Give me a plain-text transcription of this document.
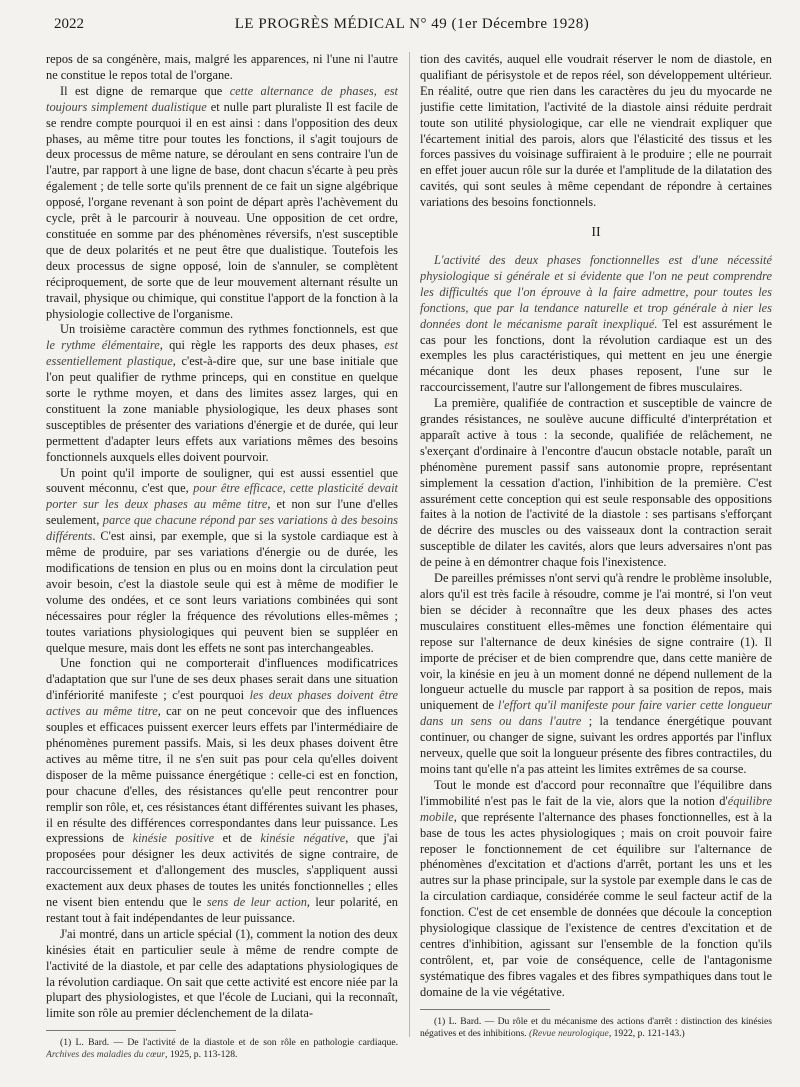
2022	LE PROGRÈS MÉDICAL N° 49 (1er Décembre 1928)

repos de sa congénère, mais, malgré les apparences, ni l'une ni l'autre ne constitue le repos total de l'organe.

Il est digne de remarque que cette alternance de phases, est toujours simplement dualistique et nulle part pluraliste Il est facile de se rendre compte pourquoi il en est ainsi : dans l'opposition des deux phases, au même titre pour toutes les fonctions, il s'agit toujours de deux processus de même nature, se déroulant en sens contraire l'un de l'autre, par rapport à une ligne de base, dont chacun s'écarte à peu près également ; de telle sorte qu'ils prennent de ce fait un signe algébrique opposé, l'organe revenant à son point de départ après l'achèvement du cycle, prêt à le parcourir à nouveau. Une opposition de cet ordre, constituée en somme par des phénomènes réversifs, n'est susceptible que de deux polarités et ne peut être que dualistique. Toutefois les deux processus de signe opposé, loin de s'annuler, se complètent réciproquement, de sorte que de leur mouvement alternant résulte un travail, physique ou chimique, qui constitue l'apport de la fonction à la physiologie collective de l'organisme.

Un troisième caractère commun des rythmes fonctionnels, est que le rythme élémentaire, qui règle les rapports des deux phases, est essentiellement plastique, c'est-à-dire que, sur une base initiale que l'on peut qualifier de rythme princeps, qui en constitue en quelque sorte le rythme moyen, et dans des limites assez larges, qui en constituent la zone maniable physiologique, les deux phases sont susceptibles de présenter des variations d'énergie et de durée, qui leur permettent d'adapter leurs effets aux variations mêmes des besoins fonctionnels auxquels elles doivent pourvoir.

Un point qu'il importe de souligner, qui est aussi essentiel que souvent méconnu, c'est que, pour être efficace, cette plasticité devait porter sur les deux phases au même titre, et non sur l'une d'elles seulement, parce que chacune répond par ses variations à des besoins différents. C'est ainsi, par exemple, que si la systole cardiaque est à même de produire, par ses variations d'énergie ou de durée, les modifications de tension en plus ou en moins dont la circulation peut avoir besoin, c'est la diastole seule qui est à même de modifier le volume des ondées, et ce sont leurs variations combinées qui sont nécessaires pour régler la fréquence des révolutions elles-mêmes ; toutes variations physiologiques qui peuvent bien se suppléer en quelque mesure, mais dont les effets ne sont pas interchangeables.

Une fonction qui ne comporterait d'influences modificatrices d'adaptation que sur l'une de ses deux phases serait dans une situation d'infériorité manifeste ; c'est pourquoi les deux phases doivent être actives au même titre, car on ne peut concevoir que des influences souples et efficaces puissent exercer leurs effets par l'intermédiaire de phénomènes purement passifs. Mais, si les deux phases doivent être actives au même titre, il ne s'en suit pas pour cela qu'elles doivent disposer de la même puissance énergétique : celle-ci est en fonction, pour chacune d'elles, des résistances qu'elle peut rencontrer pour remplir son rôle, et, ces résistances étant différentes suivant les phases, il en résulte des différences correspondantes dans leur puissance. Les expressions de kinésie positive et de kinésie négative, que j'ai proposées pour désigner les deux activités de signe contraire, de raccourcissement et d'allongement des muscles, s'appliquent aussi exactement aux deux phases de toutes les unités fonctionnelles ; elles ne visent bien entendu que le sens de leur action, leur polarité, en restant tout à fait indépendantes de leur puissance.

J'ai montré, dans un article spécial (1), comment la notion des deux kinésies était en particulier seule à même de rendre compte de l'activité de la diastole, et par celle des adaptations physiologiques de la révolution cardiaque. On sait que cette activité est encore niée par la plupart des physiologistes, et que l'école de Luciani, qui la reconnaît, limite son rôle au premier déclenchement de la dilata-

(1) L. Bard. — De l'activité de la diastole et de son rôle en pathologie cardiaque. Archives des maladies du cœur, 1925, p. 113-128.

tion des cavités, auquel elle voudrait réserver le nom de diastole, en qualifiant de périsystole et de repos réel, son développement ultérieur. En réalité, outre que rien dans les caractères du jeu du myocarde ne justifie cette limitation, l'activité de la diastole ainsi réduite perdrait toute son utilité physiologique, car elle ne viendrait expliquer que l'écartement initial des parois, alors que l'élasticité des tissus et les forces passives du voisinage suffiraient à le produire ; elle ne pourrait en effet jouer aucun rôle sur la durée et l'amplitude de la dilatation des cavités, qui sont seules à même cependant de répondre à certaines variations des besoins fonctionnels.

II

L'activité des deux phases fonctionnelles est d'une nécessité physiologique si générale et si évidente que l'on ne peut comprendre les difficultés que l'on éprouve à la faire admettre, pour toutes les fonctions, que par la tendance naturelle et trop générale à nier les données dont le mécanisme paraît inexpliqué. Tel est assurément le cas pour les fonctions, dont la révolution cardiaque est un des exemples les plus caractéristiques, qui mettent en jeu une énergie mécanique dont les deux phases reposent, l'une sur le raccourcissement, l'autre sur l'allongement de fibres musculaires.

La première, qualifiée de contraction et susceptible de vaincre de grandes résistances, ne soulève aucune difficulté d'interprétation et apparaît active à tous : la seconde, qualifiée de relâchement, ne s'exerçant d'ordinaire à l'encontre d'aucun obstacle notable, paraît un phénomène purement passif sans autonomie propre, représentant simplement la cessation d'action, l'inhibition de la première. C'est assurément cette conception qui est seule responsable des oppositions faites à la notion de l'activité de la diastole : ses partisans s'efforçant de décrire des muscles ou des vaisseaux dont la contraction serait susceptible de dilater les cavités, alors que leurs adversaires n'ont pas de peine à en démontrer chaque fois l'inexistence.

De pareilles prémisses n'ont servi qu'à rendre le problème insoluble, alors qu'il est très facile à résoudre, comme je l'ai montré, si l'on veut bien se décider à reconnaître que les deux phases des actes musculaires constituent elles-mêmes une fonction élémentaire qui repose sur l'alternance de deux kinésies de signe contraire (1). Il importe de préciser et de bien comprendre que, dans cette manière de voir, la kinésie en jeu à un moment donné ne dépend nullement de la longueur actuelle du muscle par rapport à sa position de repos, mais uniquement de l'effort qu'il manifeste pour faire varier cette longueur dans un sens ou dans l'autre ; la tendance énergétique pouvant continuer, ou changer de signe, suivant les ordres apportés par l'influx nerveux, quelle que soit la longueur présente des fibres contractiles, du moins tant qu'elle n'a pas atteint les limites extrêmes de sa course.

Tout le monde est d'accord pour reconnaître que l'équilibre dans l'immobilité n'est pas le fait de la vie, alors que la notion d'équilibre mobile, que représente l'alternance des phases fonctionnelles, est à la base de tous les actes physiologiques ; mais on croit pouvoir faire reposer le fonctionnement de cet équilibre sur l'alternance de phénomènes d'excitation et d'actions d'arrêt, portant les uns et les autres sur la phase principale, sur la systole par exemple dans le cas de la circulation cardiaque, considérée comme le seul facteur actif de la fonction. C'est de cet ensemble de données que découle la conception physiologique classique de l'existence de centres d'excitation et de centres d'inhibition, agissant sur l'ensemble de la fonction qu'ils contrôlent, et, par voie de conséquence, celle de l'antagonisme systématique des fibres vagales et des fibres sympathiques dans tout le domaine de la vie végétative.

(1) L. Bard. — Du rôle et du mécanisme des actions d'arrêt : distinction des kinésies négatives et des inhibitions. (Revue neurologique, 1922, p. 121-143.)
